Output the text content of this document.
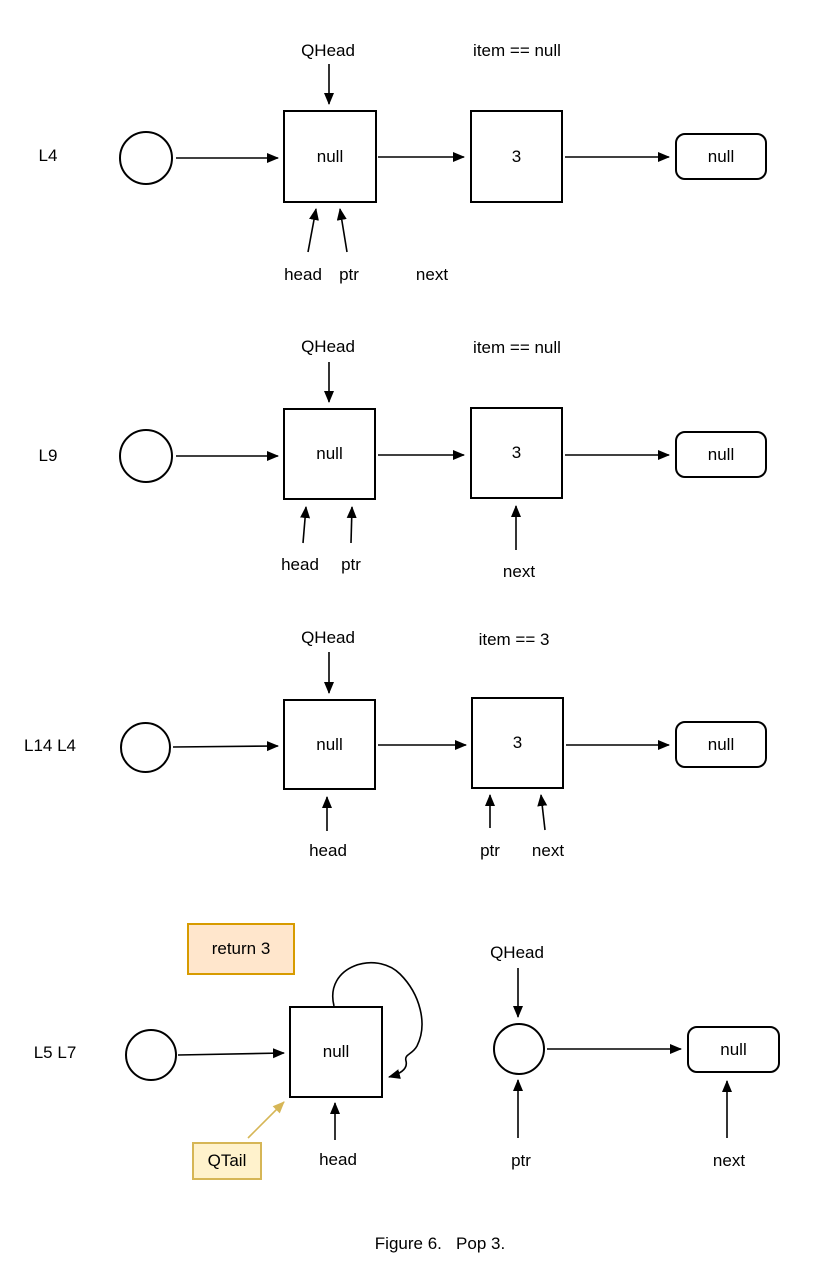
L4
QHead	item == null
null	3	null
head ptr	next
L9
QHead	item == null
null	3	null
head ptr	next
L14 L4
QHead	item == 3
null	3	null
head	ptr next
L5 L7
return 3
null
QTail	head
QHead
null
ptr	next
Figure 6.   Pop 3.
